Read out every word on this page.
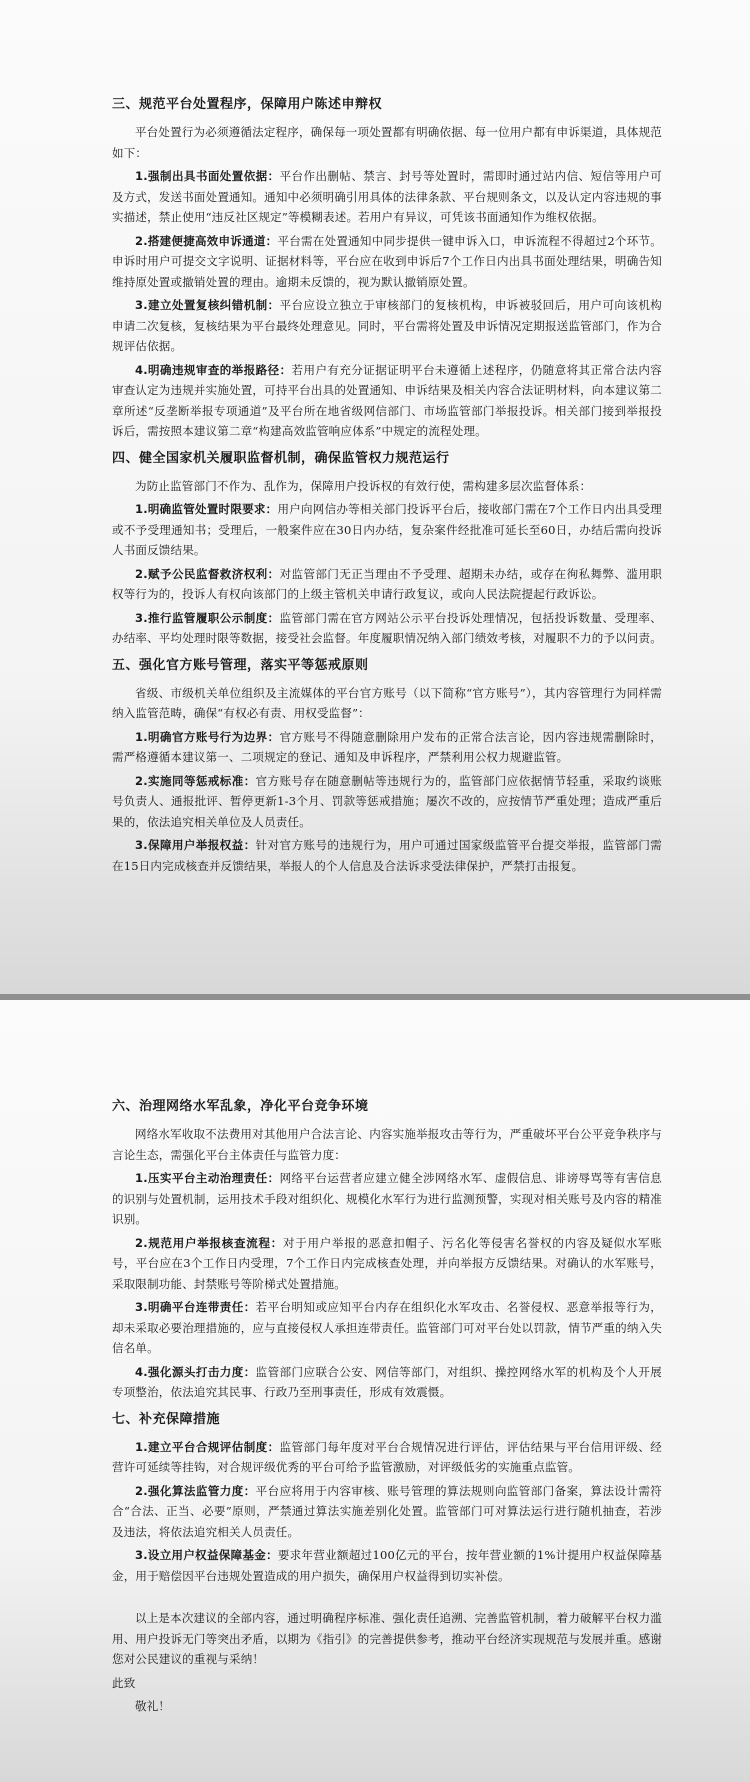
三、规范平台处置程序，保障用户陈述申辩权

平台处置行为必须遵循法定程序，确保每一项处置都有明确依据、每一位用户都有申诉渠道，具体规范如下：

1.强制出具书面处置依据：平台作出删帖、禁言、封号等处置时，需即时通过站内信、短信等用户可及方式，发送书面处置通知。通知中必须明确引用具体的法律条款、平台规则条文，以及认定内容违规的事实描述，禁止使用“违反社区规定”等模糊表述。若用户有异议，可凭该书面通知作为维权依据。

2.搭建便捷高效申诉通道：平台需在处置通知中同步提供一键申诉入口，申诉流程不得超过2个环节。申诉时用户可提交文字说明、证据材料等，平台应在收到申诉后7个工作日内出具书面处理结果，明确告知维持原处置或撤销处置的理由。逾期未反馈的，视为默认撤销原处置。

3.建立处置复核纠错机制：平台应设立独立于审核部门的复核机构，申诉被驳回后，用户可向该机构申请二次复核，复核结果为平台最终处理意见。同时，平台需将处置及申诉情况定期报送监管部门，作为合规评估依据。

4.明确违规审查的举报路径：若用户有充分证据证明平台未遵循上述程序，仍随意将其正常合法内容审查认定为违规并实施处置，可持平台出具的处置通知、申诉结果及相关内容合法证明材料，向本建议第二章所述“反垄断举报专项通道”及平台所在地省级网信部门、市场监管部门举报投诉。相关部门接到举报投诉后，需按照本建议第二章“构建高效监管响应体系”中规定的流程处理。

四、健全国家机关履职监督机制，确保监管权力规范运行

为防止监管部门不作为、乱作为，保障用户投诉权的有效行使，需构建多层次监督体系：

1.明确监管处置时限要求：用户向网信办等相关部门投诉平台后，接收部门需在7个工作日内出具受理或不予受理通知书；受理后，一般案件应在30日内办结，复杂案件经批准可延长至60日，办结后需向投诉人书面反馈结果。

2.赋予公民监督救济权利：对监管部门无正当理由不予受理、超期未办结，或存在徇私舞弊、滥用职权等行为的，投诉人有权向该部门的上级主管机关申请行政复议，或向人民法院提起行政诉讼。

3.推行监管履职公示制度：监管部门需在官方网站公示平台投诉处理情况，包括投诉数量、受理率、办结率、平均处理时限等数据，接受社会监督。年度履职情况纳入部门绩效考核，对履职不力的予以问责。

五、强化官方账号管理，落实平等惩戒原则

省级、市级机关单位组织及主流媒体的平台官方账号（以下简称“官方账号”），其内容管理行为同样需纳入监管范畴，确保“有权必有责、用权受监督”：

1.明确官方账号行为边界：官方账号不得随意删除用户发布的正常合法言论，因内容违规需删除时，需严格遵循本建议第一、二项规定的登记、通知及申诉程序，严禁利用公权力规避监管。

2.实施同等惩戒标准：官方账号存在随意删帖等违规行为的，监管部门应依据情节轻重，采取约谈账号负责人、通报批评、暂停更新1-3个月、罚款等惩戒措施；屡次不改的，应按情节严重处理；造成严重后果的，依法追究相关单位及人员责任。

3.保障用户举报权益：针对官方账号的违规行为，用户可通过国家级监管平台提交举报，监管部门需在15日内完成核查并反馈结果，举报人的个人信息及合法诉求受法律保护，严禁打击报复。

六、治理网络水军乱象，净化平台竞争环境

网络水军收取不法费用对其他用户合法言论、内容实施举报攻击等行为，严重破坏平台公平竞争秩序与言论生态，需强化平台主体责任与监管力度：

1.压实平台主动治理责任：网络平台运营者应建立健全涉网络水军、虚假信息、诽谤辱骂等有害信息的识别与处置机制，运用技术手段对组织化、规模化水军行为进行监测预警，实现对相关账号及内容的精准识别。

2.规范用户举报核查流程：对于用户举报的恶意扣帽子、污名化等侵害名誉权的内容及疑似水军账号，平台应在3个工作日内受理，7个工作日内完成核查处理，并向举报方反馈结果。对确认的水军账号，采取限制功能、封禁账号等阶梯式处置措施。

3.明确平台连带责任：若平台明知或应知平台内存在组织化水军攻击、名誉侵权、恶意举报等行为，却未采取必要治理措施的，应与直接侵权人承担连带责任。监管部门可对平台处以罚款，情节严重的纳入失信名单。

4.强化源头打击力度：监管部门应联合公安、网信等部门，对组织、操控网络水军的机构及个人开展专项整治，依法追究其民事、行政乃至刑事责任，形成有效震慑。

七、补充保障措施

1.建立平台合规评估制度：监管部门每年度对平台合规情况进行评估，评估结果与平台信用评级、经营许可延续等挂钩，对合规评级优秀的平台可给予监管激励，对评级低劣的实施重点监管。

2.强化算法监管力度：平台应将用于内容审核、账号管理的算法规则向监管部门备案，算法设计需符合“合法、正当、必要”原则，严禁通过算法实施差别化处置。监管部门可对算法运行进行随机抽查，若涉及违法，将依法追究相关人员责任。

3.设立用户权益保障基金：要求年营业额超过100亿元的平台，按年营业额的1%计提用户权益保障基金，用于赔偿因平台违规处置造成的用户损失，确保用户权益得到切实补偿。

以上是本次建议的全部内容，通过明确程序标准、强化责任追溯、完善监管机制，着力破解平台权力滥用、用户投诉无门等突出矛盾，以期为《指引》的完善提供参考，推动平台经济实现规范与发展并重。感谢您对公民建议的重视与采纳！

此致

敬礼！
